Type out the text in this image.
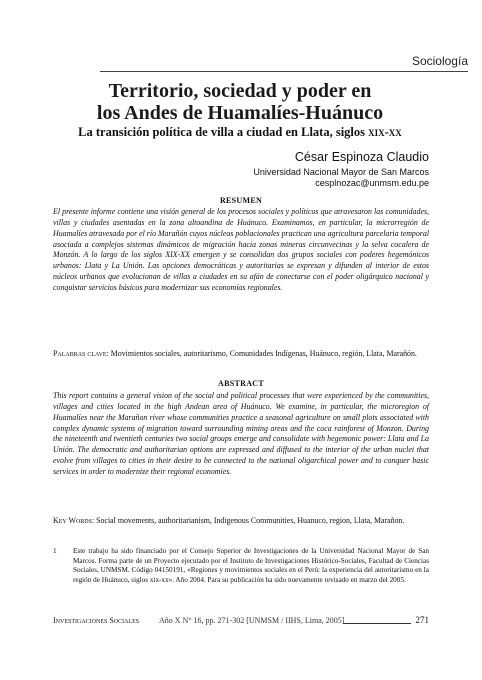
Sociología
Territorio, sociedad y poder en
los Andes de Huamalíes-Huánuco
La transición política de villa a ciudad en Llata, siglos xix-xx
César Espinoza Claudio
Universidad Nacional Mayor de San Marcos
cesplnozac@unmsm.edu.pe
RESUMEN

El presente informe contiene una visión general de los procesos sociales y políticos que atravesaron las comunidades, villas y ciudades asentadas en la zona altoandina de Huánuco. Examinamos, en particular, la microrregión de Huamalíes atravesada por el río Marañón cuyos núcleos poblacionales practican una agricultura parcelaria temporal asociada a complejos sistemas dinámicos de migración hacia zonas mineras circunvecinas y la selva cocalera de Monzón. A lo largo de los siglos XIX-XX emergen y se consolidan dos grupos sociales con poderes hegemónicos urbanos: Llata y La Unión. Las opciones democráticas y autoritarias se expresan y difunden al interior de estos núcleos urbanos que evolucionan de villas a ciudades en su afán de conectarse con el poder oligárquico nacional y conquistar servicios básicos para modernizar sus economías regionales.

Palabras clave: Movimientos sociales, autoritarismo, Comunidades Indígenas, Huánuco, región, Llata, Marañón.

ABSTRACT

This report contains a general vision of the social and political processes that were experienced by the communities, villages and cities located in the high Andean area of Huánuco. We examine, in particular, the microregion of Huamalíes near the Marañon river whose communities practice a seasonal agriculture on small plots associated with complex dynamic systems of migration toward surrounding mining areas and the coca rainforest of Monzon. During the nineteenth and twentieth centuries two social groups emerge and consolidate with hegemonic power: Llata and La Unión. The democratic and authoritarian options are expressed and diffused to the interior of the urban nuclei that evolve from villages to cities in their desire to be connected to the national oligarchical power and to conquer basic services in order to modernize their regional economies.

Key Words: Social movements, authoritarianism, Indigenous Communities, Huanuco, region, Llata, Marañon.

1	Este trabajo ha sido financiado por el Consejo Superior de Investigaciones de la Universidad Nacional Mayor de San Marcos. Forma parte de un Proyecto ejecutado por el Instituto de Investigaciones Histórico-Sociales, Facultad de Ciencias Sociales, UNMSM. Código 04150191, «Regiones y movimientos sociales en el Perú: la experiencia del autoritarismo en la región de Huánuco, siglos xix-xx». Año 2004. Para su publicación ha sido nuevamente revisado en marzo del 2005.
Investigaciones Sociales Año X N° 16, pp. 271-302 [UNMSM / IIHS, Lima, 2005]	271
